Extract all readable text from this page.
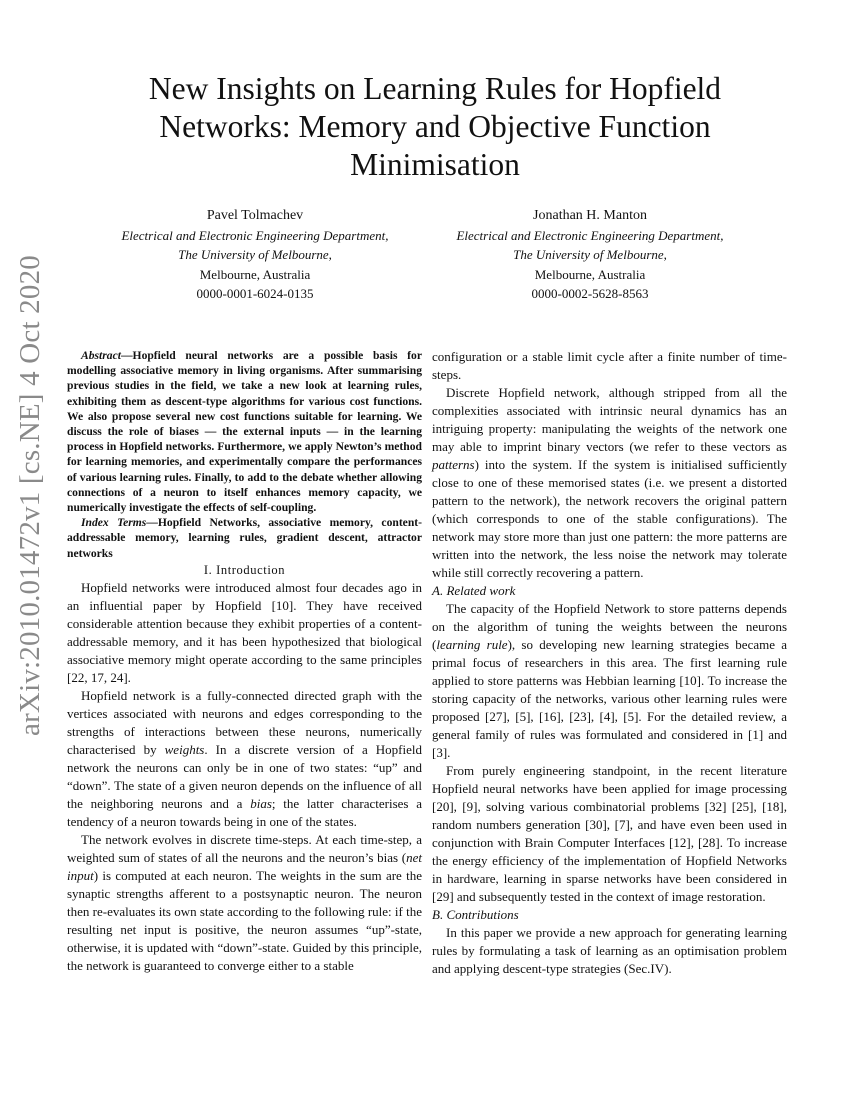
arXiv:2010.01472v1 [cs.NE] 4 Oct 2020
New Insights on Learning Rules for Hopfield Networks: Memory and Objective Function Minimisation
Pavel Tolmachev
Electrical and Electronic Engineering Department,
The University of Melbourne,
Melbourne, Australia
0000-0001-6024-0135
Jonathan H. Manton
Electrical and Electronic Engineering Department,
The University of Melbourne,
Melbourne, Australia
0000-0002-5628-8563

Abstract—Hopfield neural networks are a possible basis for modelling associative memory in living organisms. After summarising previous studies in the field, we take a new look at learning rules, exhibiting them as descent-type algorithms for various cost functions. We also propose several new cost functions suitable for learning. We discuss the role of biases — the external inputs — in the learning process in Hopfield networks. Furthermore, we apply Newton’s method for learning memories, and experimentally compare the performances of various learning rules. Finally, to add to the debate whether allowing connections of a neuron to itself enhances memory capacity, we numerically investigate the effects of self-coupling.

Index Terms—Hopfield Networks, associative memory, content-addressable memory, learning rules, gradient descent, attractor networks

I. Introduction

Hopfield networks were introduced almost four decades ago in an influential paper by Hopfield [10]. They have received considerable attention because they exhibit properties of a content-addressable memory, and it has been hypothesized that biological associative memory might operate according to the same principles [22, 17, 24].

Hopfield network is a fully-connected directed graph with the vertices associated with neurons and edges corresponding to the strengths of interactions between these neurons, numerically characterised by weights. In a discrete version of a Hopfield network the neurons can only be in one of two states: “up” and “down”. The state of a given neuron depends on the influence of all the neighboring neurons and a bias; the latter characterises a tendency of a neuron towards being in one of the states.

The network evolves in discrete time-steps. At each time-step, a weighted sum of states of all the neurons and the neuron’s bias (net input) is computed at each neuron. The weights in the sum are the synaptic strengths afferent to a postsynaptic neuron. The neuron then re-evaluates its own state according to the following rule: if the resulting net input is positive, the neuron assumes “up”-state, otherwise, it is updated with “down”-state. Guided by this principle, the network is guaranteed to converge either to a stable

configuration or a stable limit cycle after a finite number of time-steps.

Discrete Hopfield network, although stripped from all the complexities associated with intrinsic neural dynamics has an intriguing property: manipulating the weights of the network one may able to imprint binary vectors (we refer to these vectors as patterns) into the system. If the system is initialised sufficiently close to one of these memorised states (i.e. we present a distorted pattern to the network), the network recovers the original pattern (which corresponds to one of the stable configurations). The network may store more than just one pattern: the more patterns are written into the network, the less noise the network may tolerate while still correctly recovering a pattern.

A. Related work

The capacity of the Hopfield Network to store patterns depends on the algorithm of tuning the weights between the neurons (learning rule), so developing new learning strategies became a primal focus of researchers in this area. The first learning rule applied to store patterns was Hebbian learning [10]. To increase the storing capacity of the networks, various other learning rules were proposed [27], [5], [16], [23], [4], [5]. For the detailed review, a general family of rules was formulated and considered in [1] and [3].

From purely engineering standpoint, in the recent literature Hopfield neural networks have been applied for image processing [20], [9], solving various combinatorial problems [32] [25], [18], random numbers generation [30], [7], and have even been used in conjunction with Brain Computer Interfaces [12], [28]. To increase the energy efficiency of the implementation of Hopfield Networks in hardware, learning in sparse networks have been considered in [29] and subsequently tested in the context of image restoration.

B. Contributions

In this paper we provide a new approach for generating learning rules by formulating a task of learning as an optimisation problem and applying descent-type strategies (Sec.IV).
